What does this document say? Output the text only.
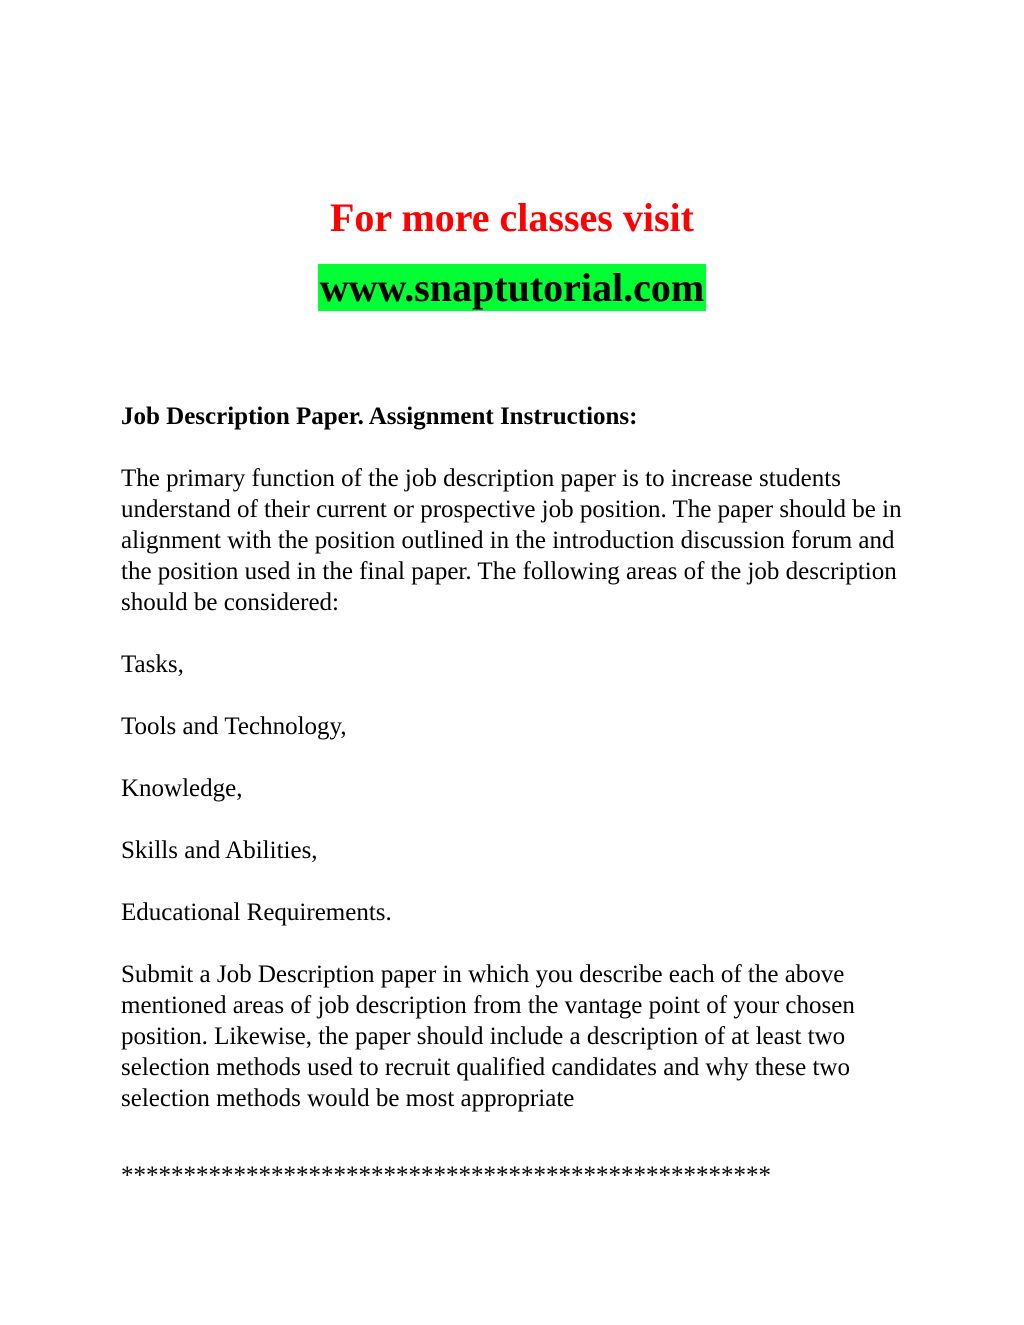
For more classes visit
www.snaptutorial.com
Job Description Paper. Assignment Instructions:
The primary function of the job description paper is to increase students understand of their current or prospective job position. The paper should be in alignment with the position outlined in the introduction discussion forum and the position used in the final paper. The following areas of the job description should be considered:
Tasks,
Tools and Technology,
Knowledge,
Skills and Abilities,
Educational Requirements.
Submit a Job Description paper in which you describe each of the above mentioned areas of job description from the vantage point of your chosen position. Likewise, the paper should include a description of at least two selection methods used to recruit qualified candidates and why these two selection methods would be most appropriate
****************************************************
